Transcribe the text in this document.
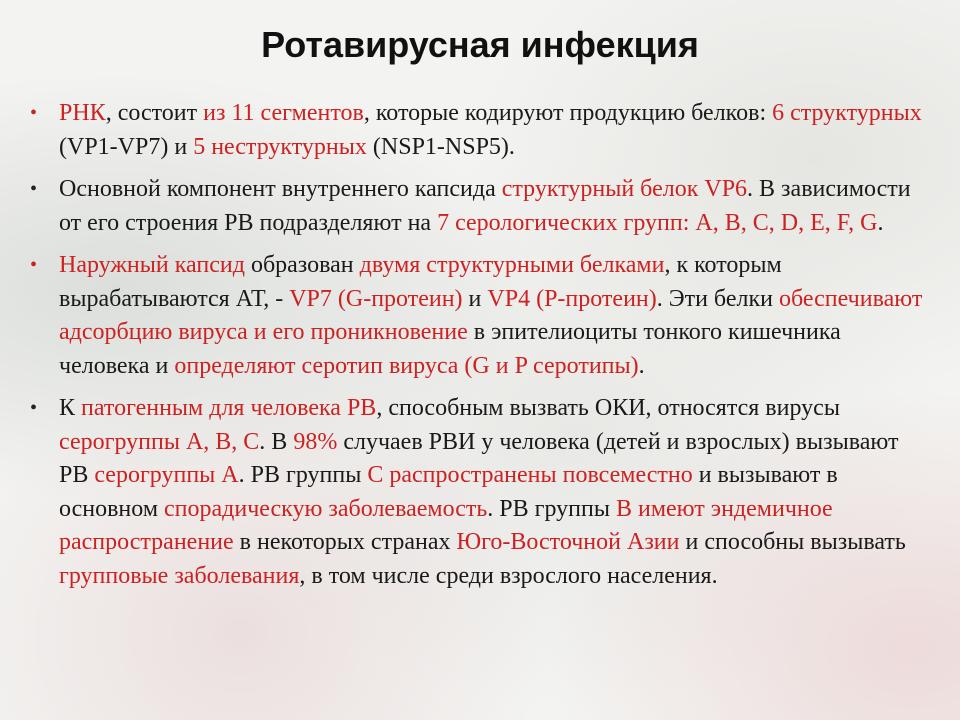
Ротавирусная инфекция
• РНК, состоит из 11 сегментов, которые кодируют продукцию белков: 6 структурных (VP1-VP7) и 5 неструктурных (NSP1-NSP5).
• Основной компонент внутреннего капсида структурный белок VP6. В зависимости от его строения РВ подразделяют на 7 серологических групп: A, B, C, D, E, F, G.
• Наружный капсид образован двумя структурными белками, к которым вырабатываются АТ, - VP7 (G-протеин) и VP4 (P-протеин). Эти белки обеспечивают адсорбцию вируса и его проникновение в эпителиоциты тонкого кишечника человека и определяют серотип вируса (G и P серотипы).
• К патогенным для человека РВ, способным вызвать ОКИ, относятся вирусы серогруппы A, B, C. В 98% случаев РВИ у человека (детей и взрослых) вызывают РВ серогруппы А. РВ группы С распространены повсеместно и вызывают в основном спорадическую заболеваемость. РВ группы В имеют эндемичное распространение в некоторых странах Юго-Восточной Азии и способны вызывать групповые заболевания, в том числе среди взрослого населения.
